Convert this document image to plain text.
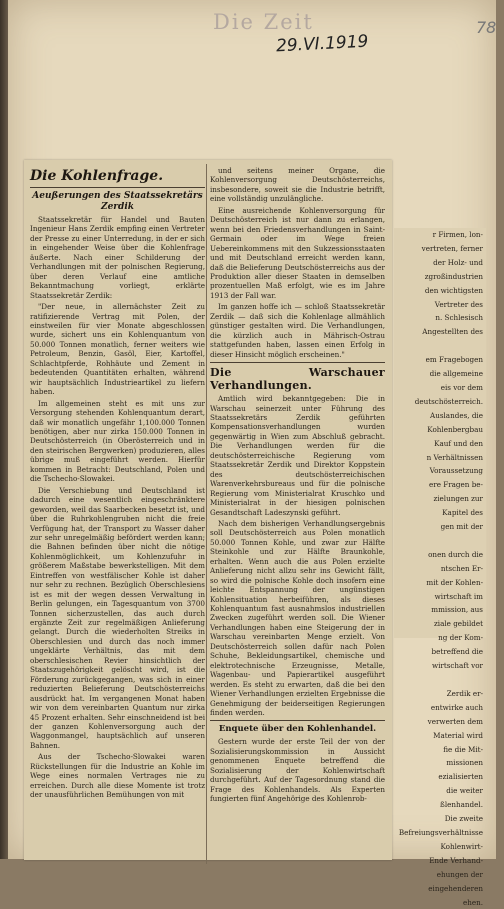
Die Zeit
29.VI.1919
78

Die Kohlenfrage.

Aeußerungen des Staatssekretärs Zerdik

Staatssekretär für Handel und Bauten Ingenieur Hans Zerdik empfing einen Vertreter der Presse zu einer Unterredung, in der er sich in eingehender Weise über die Kohlenfrage äußerte. Nach einer Schilderung der Verhandlungen mit der polnischen Regierung, über deren Verlauf eine amtliche Bekanntmachung vorliegt, erklärte Staatssekretär Zerdik:

"Der neue, in allernächster Zeit zu ratifizierende Vertrag mit Polen, der einstweilen für vier Monate abgeschlossen wurde, sichert uns ein Kohlenquantum von 50.000 Tonnen monatlich, ferner weiters wie Petroleum, Benzin, Gasöl, Eier, Kartoffel, Schlachtpferde, Rohhäute und Zement in bedeutenden Quantitäten erhalten, während wir hauptsächlich Industrieartikel zu liefern haben.

Im allgemeinen steht es mit uns zur Versorgung stehenden Kohlenquantum derart, daß wir monatlich ungefähr 1,100.000 Tonnen benötigen, aber nur zirka 150.000 Tonnen in Deutschösterreich (in Oberösterreich und in den steirischen Bergwerken) produzieren, alles übrige muß eingeführt werden. Hierfür kommen in Betracht: Deutschland, Polen und die Tschecho-Slowakei.

Die Verschiebung und Deutschland ist dadurch eine wesentlich eingeschränktere geworden, weil das Saarbecken besetzt ist, und über die Ruhrkohlengruben nicht die freie Verfügung hat, der Transport zu Wasser daher zur sehr unregelmäßig befördert werden kann; die Bahnen befinden über nicht die nötige Kohlenmöglichkeit, um Kohlenzufuhr in größerem Maßstabe bewerkstelligen. Mit dem Eintreffen von westfälischer Kohle ist daher nur sehr zu rechnen. Bezüglich Oberschlesiens ist es mit der wegen dessen Verwaltung in Berlin gelungen, ein Tagesquantum von 3700 Tonnen sicherzustellen, das auch durch ergänzte Zeit zur regelmäßigen Anlieferung gelangt. Durch die wiederholten Streiks in Oberschlesien und durch das noch immer ungeklärte Verhältnis, das mit dem oberschlesischen Revier hinsichtlich der Staatszugehörigkeit gelöscht wird, ist die Förderung zurückgegangen, was sich in einer reduzierten Belieferung Deutschösterreichs ausdrückt hat. Im vergangenen Monat haben wir von dem vereinbarten Quantum nur zirka 45 Prozent erhalten. Sehr einschneidend ist bei der ganzen Kohlenversorgung auch der Waggonmangel, hauptsächlich auf unseren Bahnen.

Aus der Tschecho-Slowakei waren Rückstellungen für die Industrie an Kohle im Wege eines normalen Vertrages nie zu erreichen. Durch alle diese Momente ist trotz der unausführlichen Bemühungen von mit

und seitens meiner Organe, die Kohlenversorgung Deutschösterreichs, insbesondere, soweit sie die Industrie betrifft, eine vollständig unzulängliche.

Eine ausreichende Kohlenversorgung für Deutschösterreich ist nur dann zu erlangen, wenn bei den Friedensverhandlungen in Saint-Germain oder im Wege freien Uebereinkommens mit den Sukzessionsstaaten und mit Deutschland erreicht werden kann, daß die Belieferung Deutschösterreichs aus der Produktion aller dieser Staaten in demselben prozentuellen Maß erfolgt, wie es im Jahre 1913 der Fall war.

Im ganzen hoffe ich — schloß Staatssekretär Zerdik — daß sich die Kohlenlage allmählich günstiger gestalten wird. Die Verhandlungen, die kürzlich auch in Mährisch-Ostrau stattgefunden haben, lassen einen Erfolg in dieser Hinsicht möglich erscheinen."

Die Warschauer Verhandlungen.

Amtlich wird bekanntgegeben: Die in Warschau seinerzeit unter Führung des Staatssekretärs Zerdik geführten Kompensationsverhandlungen wurden gegenwärtig in Wien zum Abschluß gebracht. Die Verhandlungen werden für die deutschösterreichische Regierung vom Staatssekretär Zerdik und Direktor Koppstein des deutschösterreichischen Warenverkehrsbureaus und für die polnische Regierung vom Ministerialrat Kruschko und Ministerialrat in der hiesigen polnischen Gesandtschaft Ladeszynski geführt.

Nach dem bisherigen Verhandlungsergebnis soll Deutschösterreich aus Polen monatlich 50.000 Tonnen Kohle, und zwar zur Hälfte Steinkohle und zur Hälfte Braunkohle, erhalten. Wenn auch die aus Polen erzielte Anlieferung nicht allzu sehr ins Gewicht fällt, so wird die polnische Kohle doch insofern eine leichte Entspannung der ungünstigen Kohlensituation herbeiführen, als dieses Kohlenquantum fast ausnahmslos industriellen Zwecken zugeführt werden soll. Die Wiener Verhandlungen haben eine Steigerung der in Warschau vereinbarten Menge erzielt. Von Deutschösterreich sollen dafür nach Polen Schuhe, Bekleidungsartikel, chemische und elektrotechnische Erzeugnisse, Metalle, Wagenbau- und Papierartikel ausgeführt werden. Es steht zu erwarten, daß die bei den Wiener Verhandlungen erzielten Ergebnisse die Genehmigung der beiderseitigen Regierungen finden werden.

Enquete über den Kohlenhandel.

Gestern wurde der erste Teil der von der Sozialisierungskommission in Aussicht genommenen Enquete betreffend die Sozialisierung der Kohlenwirtschaft durchgeführt. Auf der Tagesordnung stand die Frage des Kohlenhandels. Als Experten fungierten fünf Angehörige des Kohlenrob-

r Firmen, lon-
vertreten, ferner
der Holz- und
zgroßindustrien
den wichtigsten
Vertreter des
n. Schlesisch
Angestellten des

em Fragebogen
die allgemeine
eis vor dem
deutschösterreich.
Auslandes, die
Kohlenbergbau
Kauf und den
n Verhältnissen
Voraussetzung
ere Fragen be-
zielungen zur
Kapitel des
gen mit der

onen durch die
ntschen Er-
mit der Kohlen-
wirtschaft im
mmission, aus
ziale gebildet
ng der Kom-
betreffend die
wirtschaft vor

Zerdik er-
entwirke auch
verwerten dem
Material wird
fie die Mit-
missionen
ezialisierten
die weiter
ßlenhandel.
Die zweite
Befreiungsverhältnisse
Kohlenwirt-
Ende Verhand-
ehungen der
eingehenderen
ehen.
